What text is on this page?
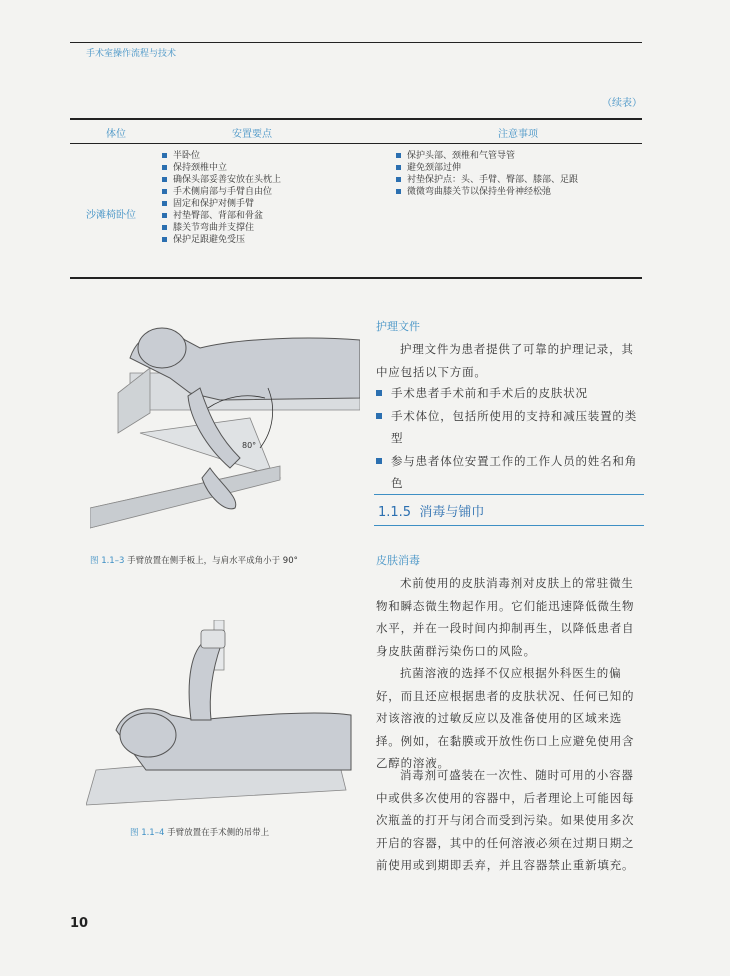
手术室操作流程与技术
（续表）
体位	安置要点	注意事项
沙滩椅卧位
半卧位
保持颈椎中立
确保头部妥善安放在头枕上
手术侧肩部与手臂自由位
固定和保护对侧手臂
衬垫臀部、背部和骨盆
膝关节弯曲并支撑住
保护足跟避免受压
保护头部、颈椎和气管导管
避免颈部过伸
衬垫保护点：头、手臂、臀部、膝部、足跟
微微弯曲膝关节以保持坐骨神经松弛
80°
图 1.1–3 手臂放置在侧手板上，与肩水平成角小于 90°
图 1.1–4 手臂放置在手术侧的吊带上
护理文件
护理文件为患者提供了可靠的护理记录，其中应包括以下方面。
手术患者手术前和手术后的皮肤状况
手术体位，包括所使用的支持和减压装置的类型
参与患者体位安置工作的工作人员的姓名和角色
1.1.5 消毒与铺巾
皮肤消毒
术前使用的皮肤消毒剂对皮肤上的常驻微生物和瞬态微生物起作用。它们能迅速降低微生物水平，并在一段时间内抑制再生，以降低患者自身皮肤菌群污染伤口的风险。
抗菌溶液的选择不仅应根据外科医生的偏好，而且还应根据患者的皮肤状况、任何已知的对该溶液的过敏反应以及准备使用的区域来选择。例如，在黏膜或开放性伤口上应避免使用含乙醇的溶液。
消毒剂可盛装在一次性、随时可用的小容器中或供多次使用的容器中，后者理论上可能因每次瓶盖的打开与闭合而受到污染。如果使用多次开启的容器，其中的任何溶液必须在过期日期之前使用或到期即丢弃，并且容器禁止重新填充。
10
